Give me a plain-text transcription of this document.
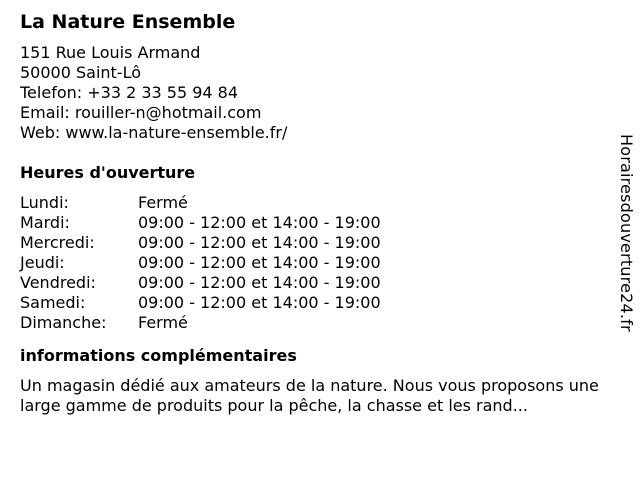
La Nature Ensemble
151 Rue Louis Armand
50000 Saint-Lô
Telefon: +33 2 33 55 94 84
Email: rouiller-n@hotmail.com
Web: www.la-nature-ensemble.fr/
Heures d'ouverture
Lundi:	Fermé
Mardi:	09:00 - 12:00 et 14:00 - 19:00
Mercredi:	09:00 - 12:00 et 14:00 - 19:00
Jeudi:	09:00 - 12:00 et 14:00 - 19:00
Vendredi:	09:00 - 12:00 et 14:00 - 19:00
Samedi:	09:00 - 12:00 et 14:00 - 19:00
Dimanche:	Fermé
informations complémentaires
Un magasin dédié aux amateurs de la nature. Nous vous proposons une large gamme de produits pour la pêche, la chasse et les rand...
Horairesdouverture24.fr
